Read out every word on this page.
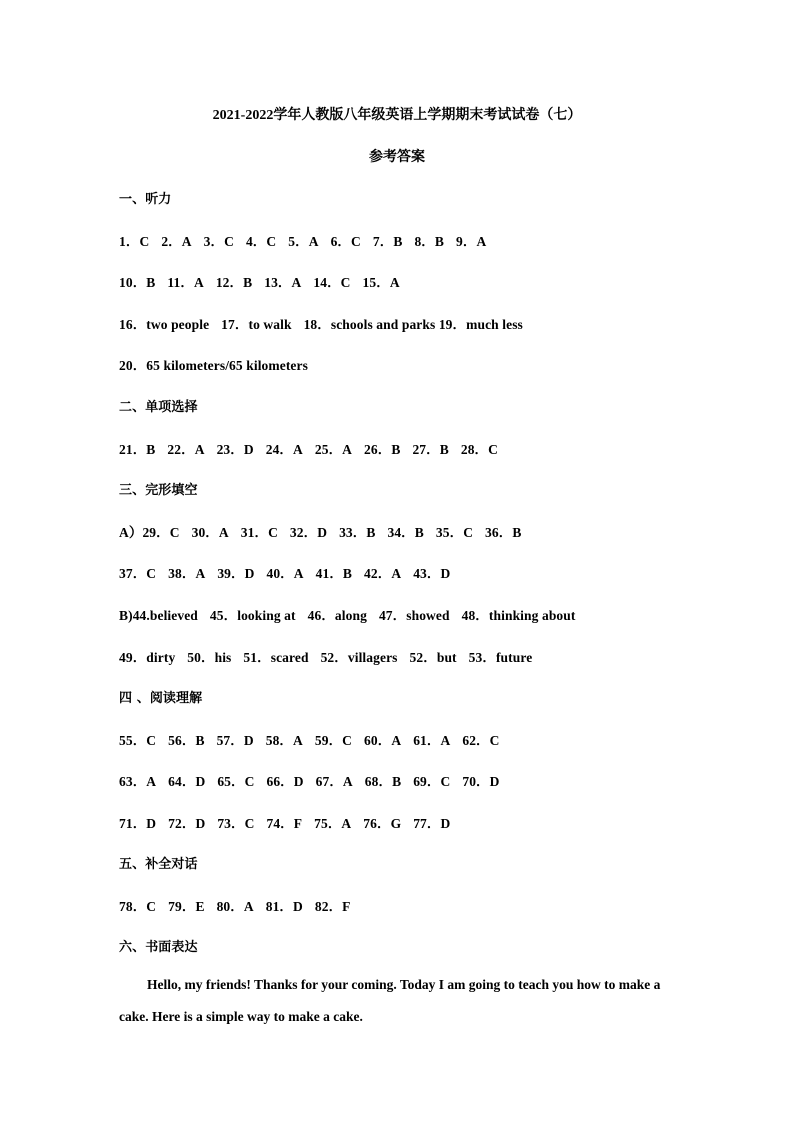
2021-2022学年人教版八年级英语上学期期末考试试卷（七）
参考答案
一、听力
1．C 2．A 3．C 4．C 5．A 6．C 7．B 8．B 9．A
10．B 11．A 12．B 13．A 14．C 15．A
16．two people 17．to walk 18．schools and parks 19．much less
20．65 kilometers/65 kilometers
二、单项选择
21．B 22．A 23．D 24．A 25．A 26．B 27．B 28．C
三、完形填空
A）29．C 30．A 31．C 32．D 33．B 34．B 35．C 36．B
37．C 38．A 39．D 40．A 41．B 42．A 43．D
B)44.believed 45．looking at 46．along 47．showed 48．thinking about
49．dirty 50．his 51．scared 52．villagers 52．but 53．future
四 、阅读理解
55．C 56．B 57．D 58．A 59．C 60．A 61．A 62．C
63．A 64．D 65．C 66．D 67．A 68．B 69．C 70．D
71．D 72．D 73．C 74．F 75．A 76．G 77．D
五、补全对话
78．C 79．E 80．A 81．D 82．F
六、书面表达
Hello, my friends! Thanks for your coming. Today I am going to teach you how to make a cake. Here is a simple way to make a cake.
